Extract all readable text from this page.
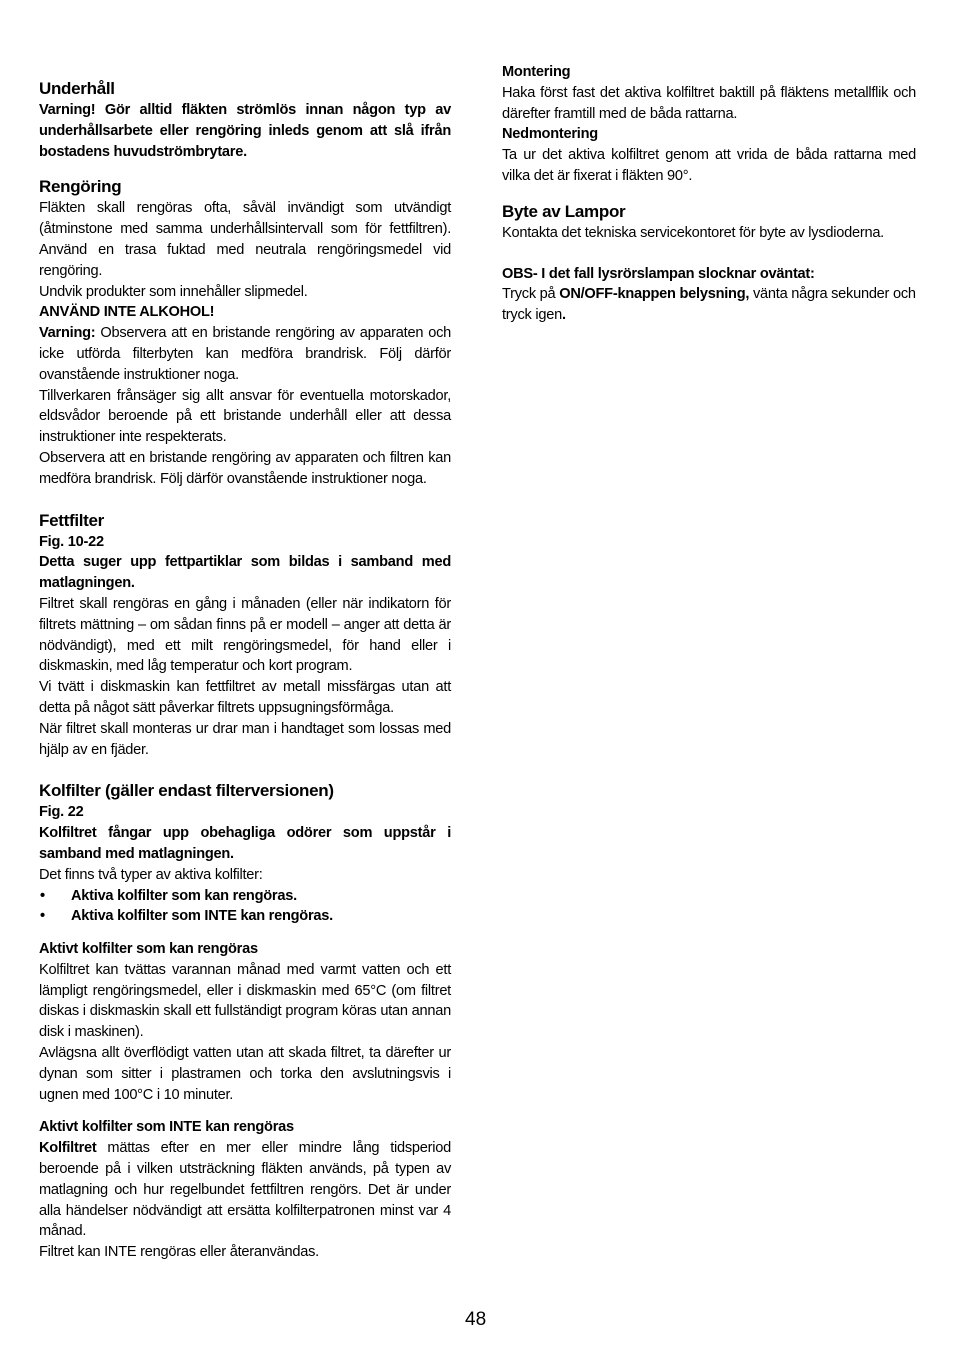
Underhåll

Varning! Gör alltid fläkten strömlös innan någon typ av underhållsarbete eller rengöring inleds genom att slå ifrån bostadens huvudströmbrytare.

Rengöring

Fläkten skall rengöras ofta, såväl invändigt som utvändigt (åtminstone med samma underhållsintervall som för fettfiltren). Använd en trasa fuktad med neutrala rengöringsmedel vid rengöring.

Undvik produkter som innehåller slipmedel.

ANVÄND INTE ALKOHOL!

Varning: Observera att en bristande rengöring av apparaten och icke utförda filterbyten kan medföra brandrisk. Följ därför ovanstående instruktioner noga.

Tillverkaren frånsäger sig allt ansvar för eventuella motorskador, eldsvådor beroende på ett bristande underhåll eller att dessa instruktioner inte respekterats.

Observera att en bristande rengöring av apparaten och filtren kan medföra brandrisk. Följ därför ovanstående instruktioner noga.

Fettfilter

Fig. 10-22

Detta suger upp fettpartiklar som bildas i samband med matlagningen.

Filtret skall rengöras en gång i månaden (eller när indikatorn för filtrets mättning – om sådan finns på er modell – anger att detta är nödvändigt), med ett milt rengöringsmedel, för hand eller i diskmaskin, med låg temperatur och kort program.

Vi tvätt i diskmaskin kan fettfiltret av metall missfärgas utan att detta på något sätt påverkar filtrets uppsugningsförmåga.

När filtret skall monteras ur drar man i handtaget som lossas med hjälp av en fjäder.

Kolfilter (gäller endast filterversionen)

Fig. 22

Kolfiltret fångar upp obehagliga odörer som uppstår i samband med matlagningen.

Det finns två typer av aktiva kolfilter:

• Aktiva kolfilter som kan rengöras.
• Aktiva kolfilter som INTE kan rengöras.

Aktivt kolfilter som kan rengöras

Kolfiltret kan tvättas varannan månad med varmt vatten och ett lämpligt rengöringsmedel, eller i diskmaskin med 65°C (om filtret diskas i diskmaskin skall ett fullständigt program köras utan annan disk i maskinen).

Avlägsna allt överflödigt vatten utan att skada filtret, ta därefter ur dynan som sitter i plastramen och torka den avslutningsvis i ugnen med 100°C i 10 minuter.

Aktivt kolfilter som INTE kan rengöras

Kolfiltret mättas efter en mer eller mindre lång tidsperiod beroende på i vilken utsträckning fläkten används, på typen av matlagning och hur regelbundet fettfiltren rengörs. Det är under alla händelser nödvändigt att ersätta kolfilterpatronen minst var 4 månad.

Filtret kan INTE rengöras eller återanvändas.

Montering

Haka först fast det aktiva kolfiltret baktill på fläktens metallflik och därefter framtill med de båda rattarna.

Nedmontering

Ta ur det aktiva kolfiltret genom att vrida de båda rattarna med vilka det är fixerat i fläkten 90°.

Byte av Lampor

Kontakta det tekniska servicekontoret för byte av lysdioderna.

OBS- I det fall lysrörslampan slocknar oväntat:

Tryck på ON/OFF-knappen belysning, vänta några sekunder och tryck igen.

48
